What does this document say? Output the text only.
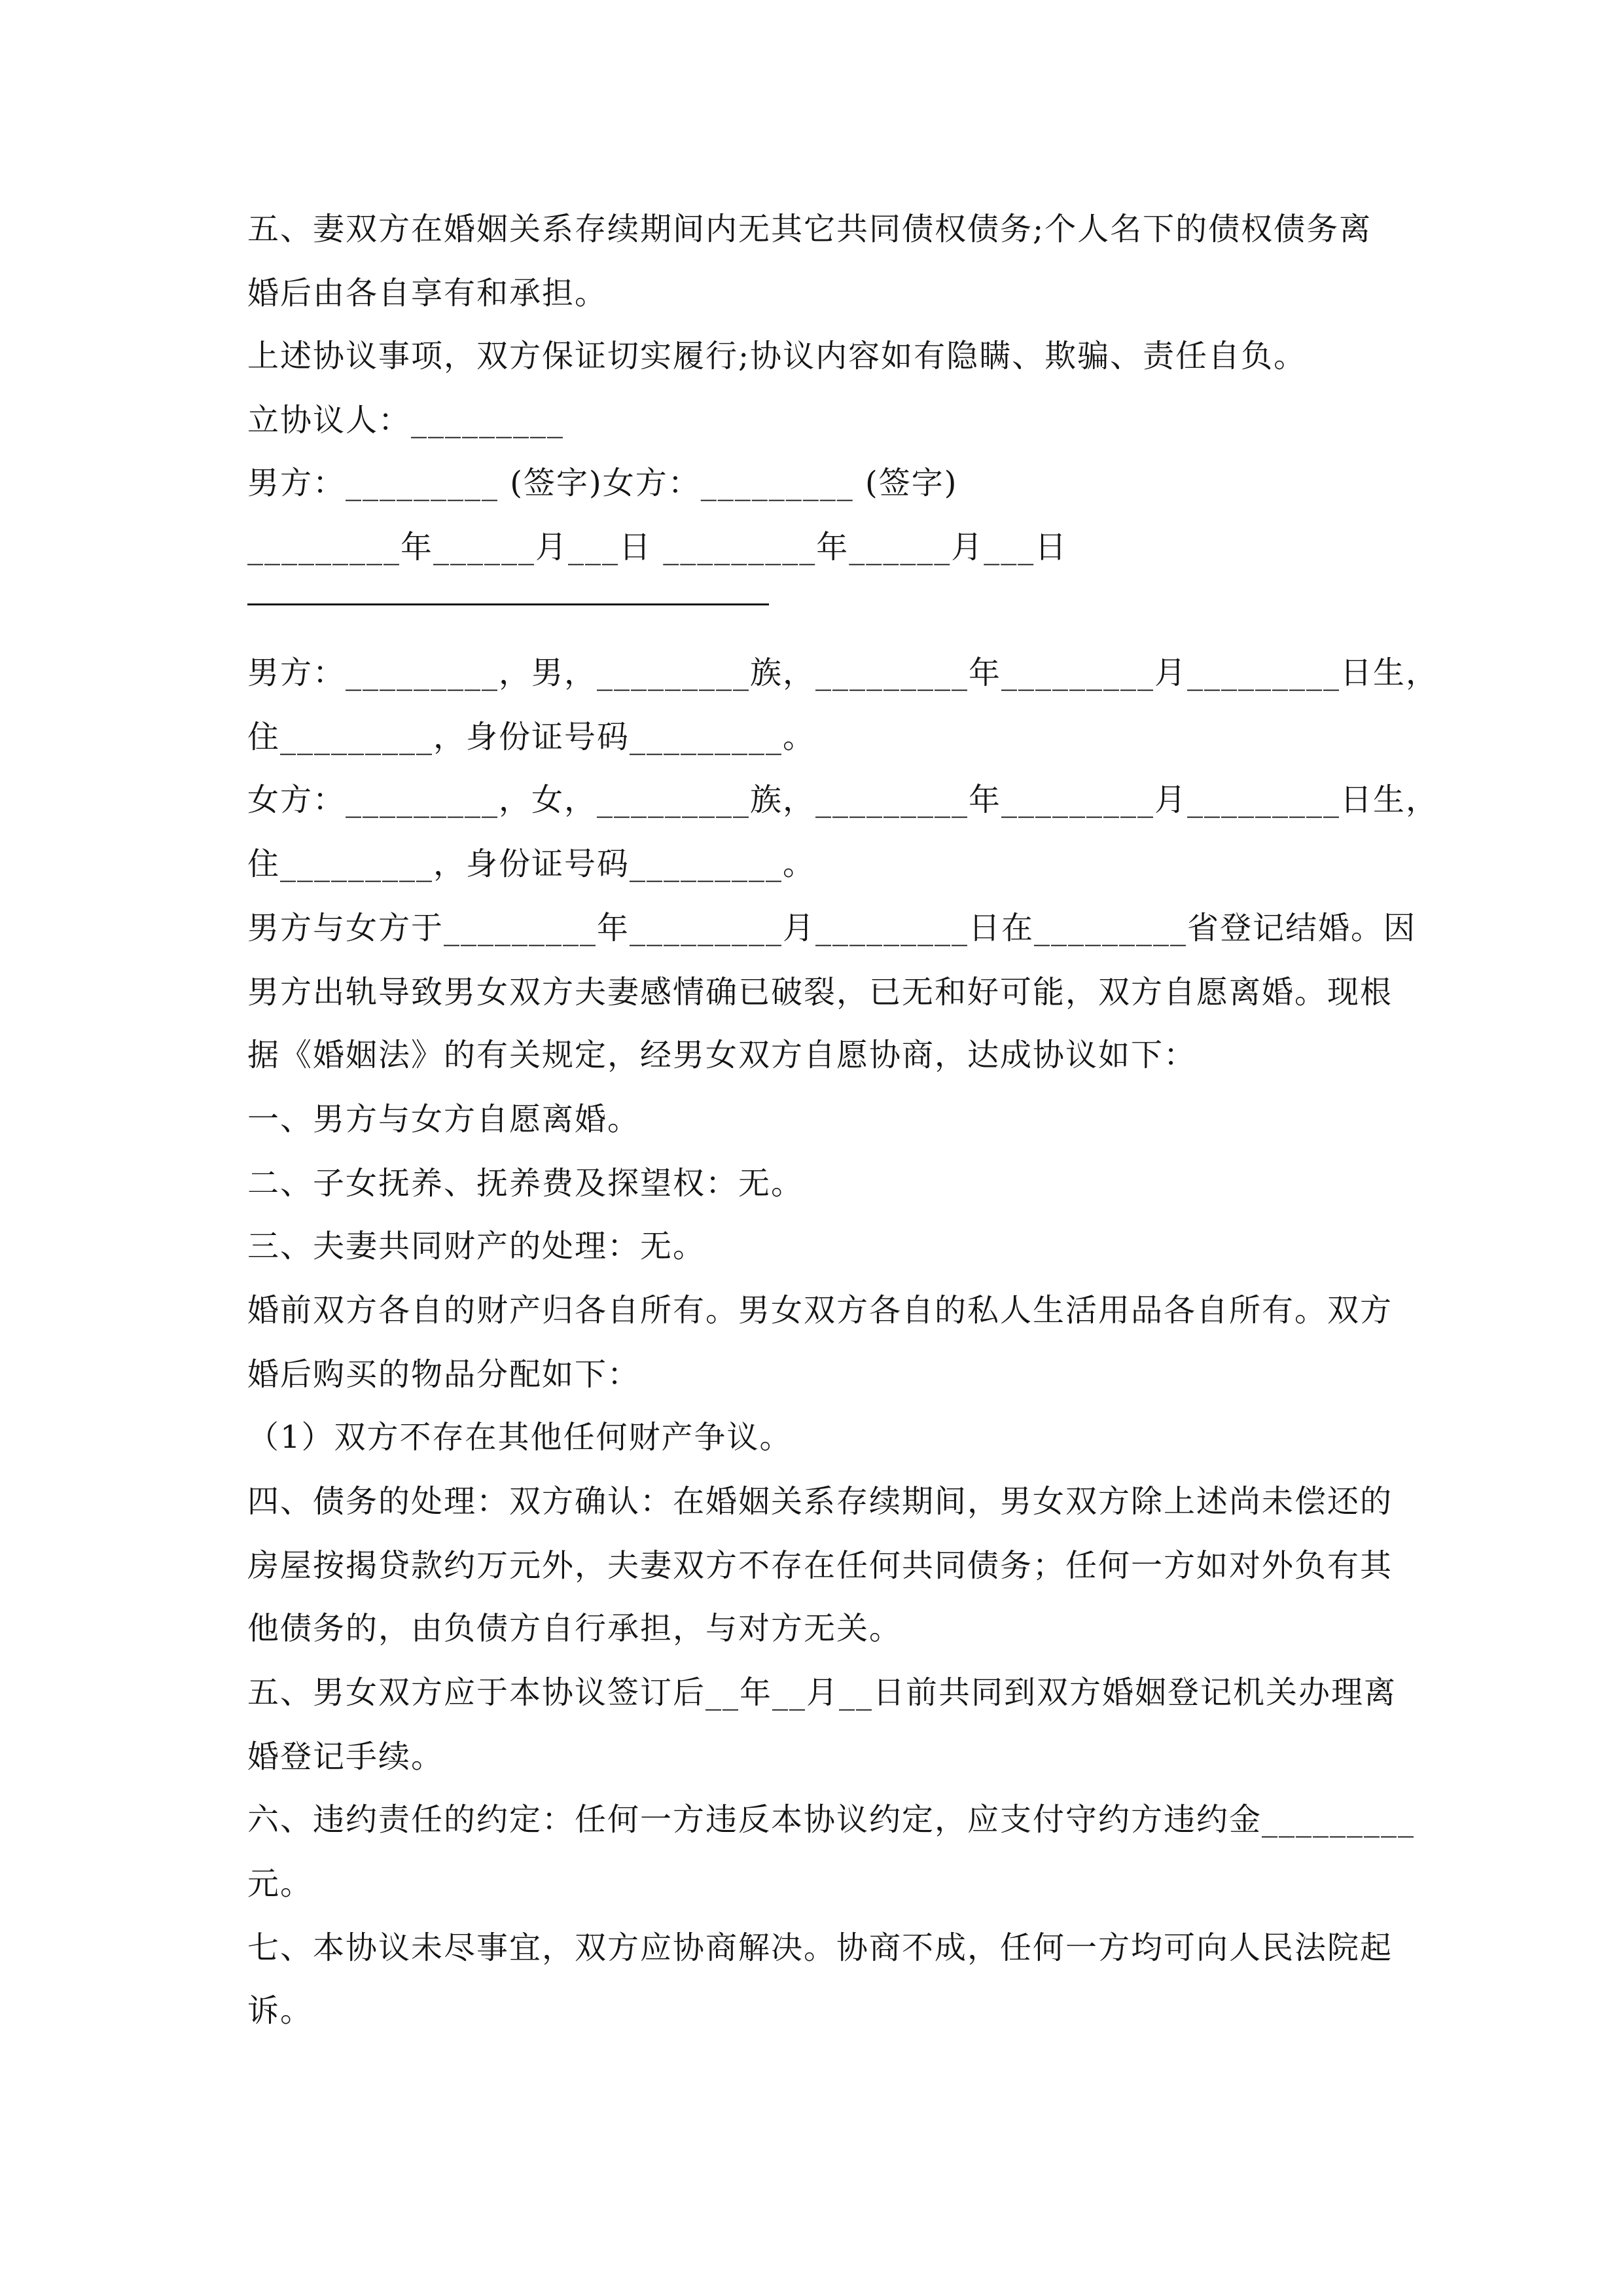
五、妻双方在婚姻关系存续期间内无其它共同债权债务;个人名下的债权债务离
婚后由各自享有和承担。
上述协议事项，双方保证切实履行;协议内容如有隐瞒、欺骗、责任自负。
立协议人：_________
男方：_________ (签字)女方：_________ (签字)
_________年______月___日 _________年______月___日
男方：_________，男，_________族，_________年_________月_________日生，
住_________，身份证号码_________。
女方：_________，女，_________族，_________年_________月_________日生，
住_________，身份证号码_________。
男方与女方于_________年_________月_________日在_________省登记结婚。因
男方出轨导致男女双方夫妻感情确已破裂，已无和好可能，双方自愿离婚。现根
据《婚姻法》的有关规定，经男女双方自愿协商，达成协议如下：
一、男方与女方自愿离婚。
二、子女抚养、抚养费及探望权：无。
三、夫妻共同财产的处理：无。
婚前双方各自的财产归各自所有。男女双方各自的私人生活用品各自所有。双方
婚后购买的物品分配如下：
（1）双方不存在其他任何财产争议。
四、债务的处理：双方确认：在婚姻关系存续期间，男女双方除上述尚未偿还的
房屋按揭贷款约万元外，夫妻双方不存在任何共同债务；任何一方如对外负有其
他债务的，由负债方自行承担，与对方无关。
五、男女双方应于本协议签订后__年__月__日前共同到双方婚姻登记机关办理离
婚登记手续。
六、违约责任的约定：任何一方违反本协议约定，应支付守约方违约金_________
元。
七、本协议未尽事宜，双方应协商解决。协商不成，任何一方均可向人民法院起
诉。
